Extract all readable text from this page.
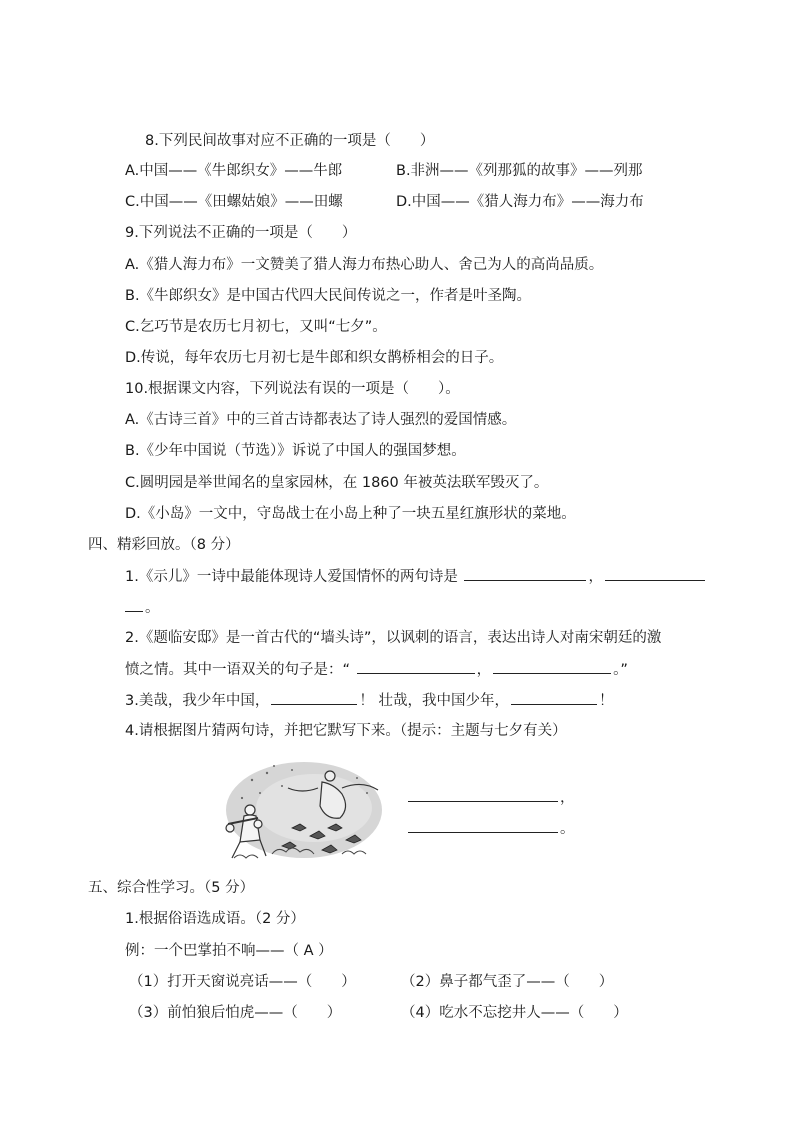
8.下列民间故事对应不正确的一项是（　　）
A.中国——《牛郎织女》——牛郎	B.非洲——《列那狐的故事》——列那
C.中国——《田螺姑娘》——田螺	D.中国——《猎人海力布》——海力布
9.下列说法不正确的一项是（　　）
A.《猎人海力布》一文赞美了猎人海力布热心助人、舍己为人的高尚品质。
B.《牛郎织女》是中国古代四大民间传说之一，作者是叶圣陶。
C.乞巧节是农历七月初七，又叫“七夕”。
D.传说，每年农历七月初七是牛郎和织女鹊桥相会的日子。
10.根据课文内容，下列说法有误的一项是（　　）。
A.《古诗三首》中的三首古诗都表达了诗人强烈的爱国情感。
B.《少年中国说（节选）》诉说了中国人的强国梦想。
C.圆明园是举世闻名的皇家园林，在 1860 年被英法联军毁灭了。
D.《小岛》一文中，守岛战士在小岛上种了一块五星红旗形状的菜地。
四、精彩回放。（8 分）
1.《示儿》一诗中最能体现诗人爱国情怀的两句诗是	，
。
2.《题临安邸》是一首古代的“墙头诗”，以讽刺的语言，表达出诗人对南宋朝廷的激
愤之情。其中一语双关的句子是：“	，	。”
3.美哉，我少年中国，	！ 壮哉，我中国少年，	！
4.请根据图片猜两句诗，并把它默写下来。（提示：主题与七夕有关）
，
。
五、综合性学习。（5 分）
1.根据俗语选成语。（2 分）
例：一个巴掌拍不响——（ A ）
（1）打开天窗说亮话——（　　）	（2）鼻子都气歪了——（　　）
（3）前怕狼后怕虎——（　　）	（4）吃水不忘挖井人——（　　）
